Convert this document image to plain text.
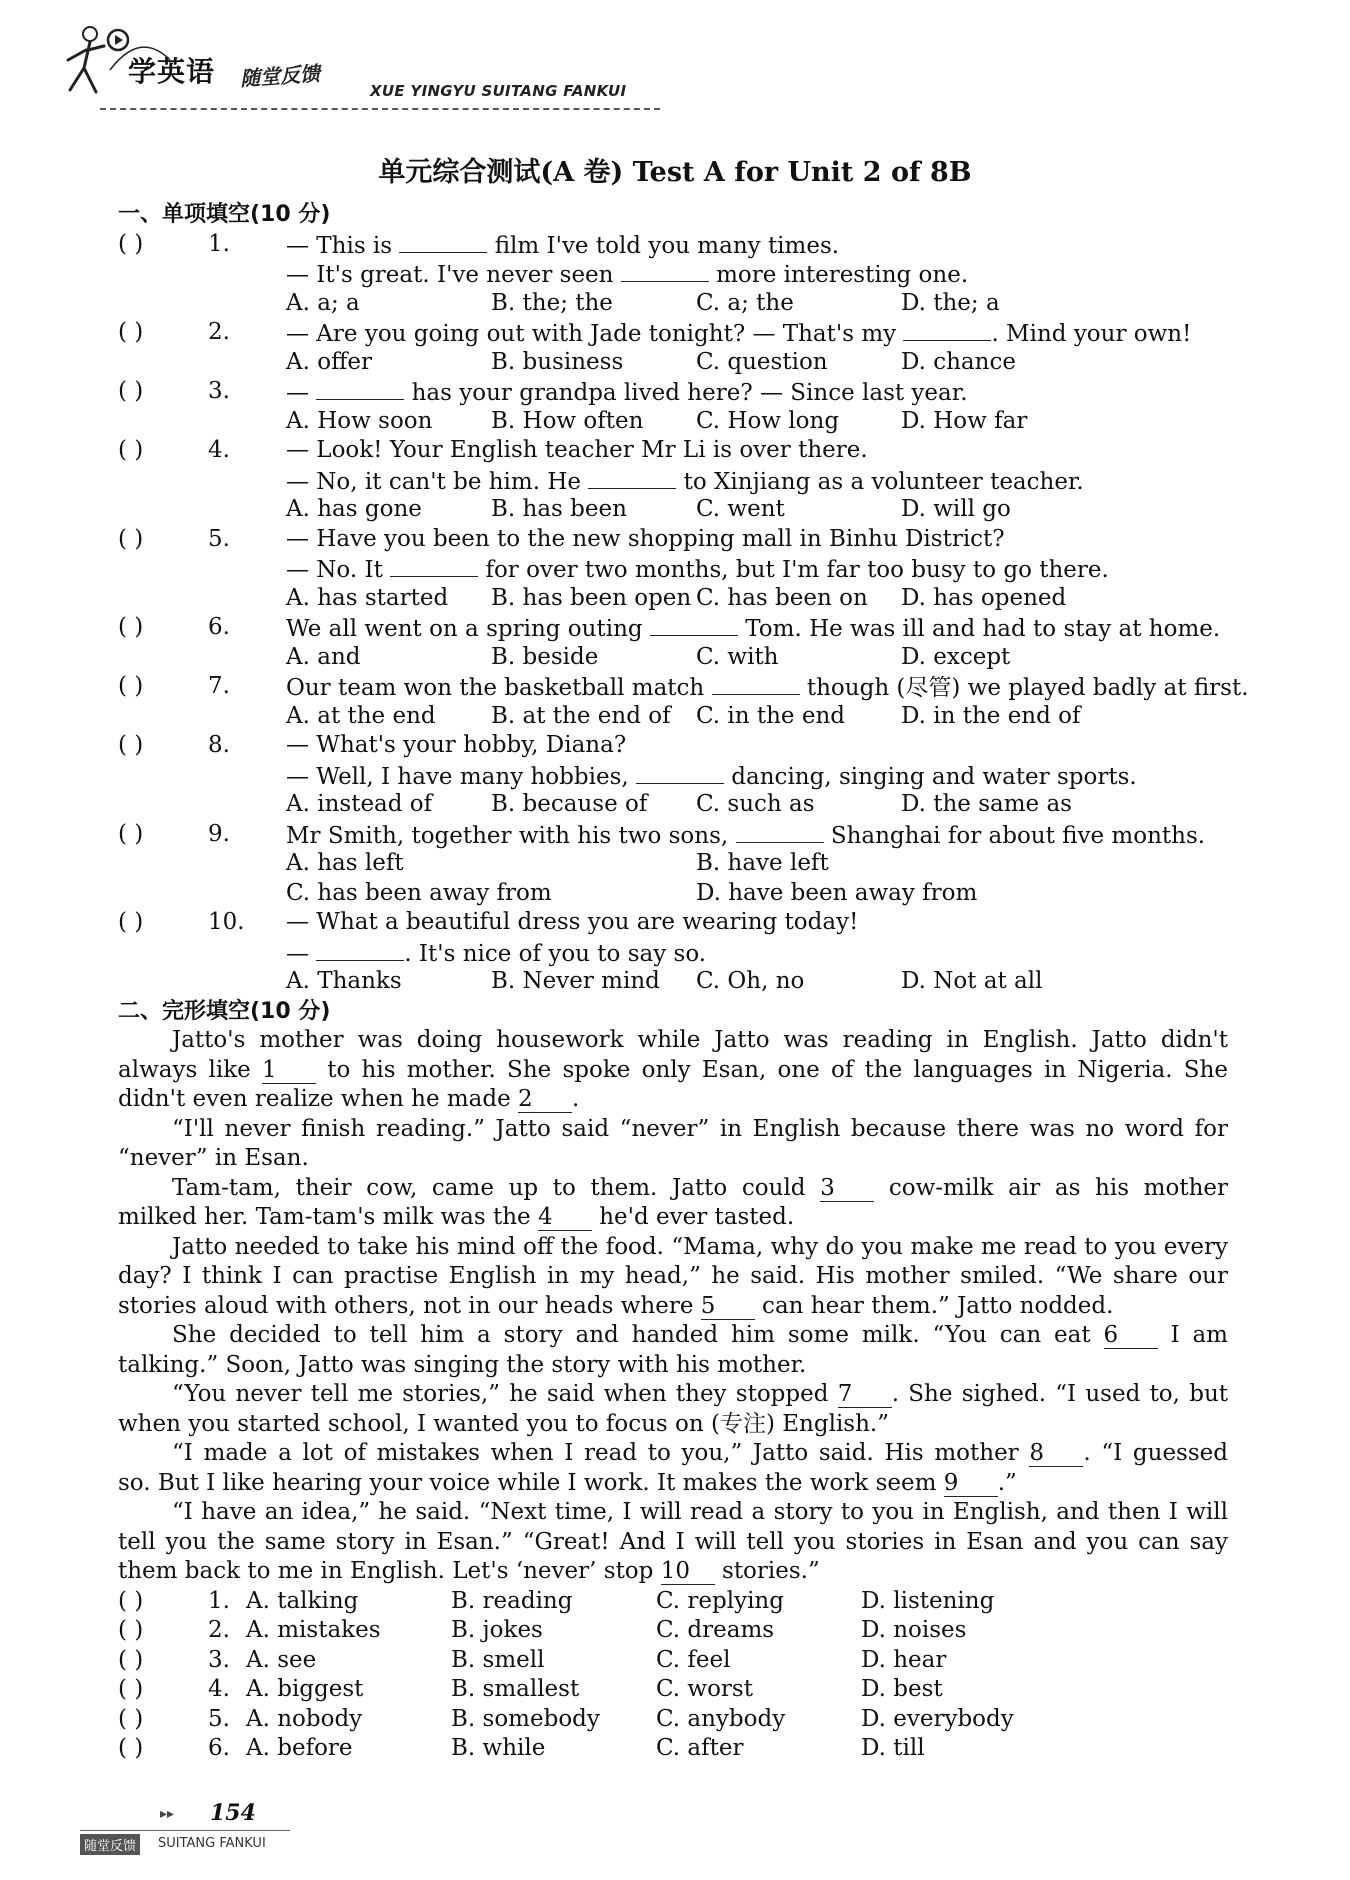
学英语 随堂反馈
XUE YINGYU SUITANG FANKUI
单元综合测试(A 卷) Test A for Unit 2 of 8B
一、单项填空(10 分)
( )	1. — This is	film I've told you many times.
— It's great. I've never seen	more interesting one.
A. a; a	B. the; the	C. a; the	D. the; a
( )	2. — Are you going out with Jade tonight? — That's my	. Mind your own!
A. offer	B. business	C. question	D. chance
( )	3. —	has your grandpa lived here? — Since last year.
A. How soon	B. How often C. How long	D. How far
( )	4. — Look! Your English teacher Mr Li is over there.
— No, it can't be him. He	to Xinjiang as a volunteer teacher.
A. has gone	B. has been	C. went	D. will go
( )	5. — Have you been to the new shopping mall in Binhu District?
— No. It	for over two months, but I'm far too busy to go there.
A. has started B. has been open C. has been on D. has opened
( )	6. We all went on a spring outing	Tom. He was ill and had to stay at home.
A. and	B. beside	C. with	D. except
( )	7. Our team won the basketball match	though (尽管) we played badly at first.
A. at the end B. at the end of C. in the end D. in the end of
( )	8. — What's your hobby, Diana?
— Well, I have many hobbies,	dancing, singing and water sports.
A. instead of	B. because of C. such as	D. the same as
( )	9. Mr Smith, together with his two sons,	Shanghai for about five months.
A. has left	B. have left
C. has been away from	D. have been away from
( )	10. — What a beautiful dress you are wearing today!
—	. It's nice of you to say so.
A. Thanks	B. Never mind C. Oh, no	D. Not at all
二、完形填空(10 分)
Jatto's mother was doing housework while Jatto was reading in English. Jatto didn't
always like 1 to his mother. She spoke only Esan, one of the languages in Nigeria. She
didn't even realize when he made 2 .
“I'll never finish reading.” Jatto said “never” in English because there was no word for
“never” in Esan.
Tam-tam, their cow, came up to them. Jatto could 3 cow-milk air as his mother
milked her. Tam-tam's milk was the 4 he'd ever tasted.
Jatto needed to take his mind off the food. “Mama, why do you make me read to you every
day? I think I can practise English in my head,” he said. His mother smiled. “We share our
stories aloud with others, not in our heads where 5 can hear them.” Jatto nodded.
She decided to tell him a story and handed him some milk. “You can eat 6 I am
talking.” Soon, Jatto was singing the story with his mother.
“You never tell me stories,” he said when they stopped 7 . She sighed. “I used to, but
when you started school, I wanted you to focus on (专注) English.”
“I made a lot of mistakes when I read to you,” Jatto said. His mother 8 . “I guessed
so. But I like hearing your voice while I work. It makes the work seem 9 .”
“I have an idea,” he said. “Next time, I will read a story to you in English, and then I will
tell you the same story in Esan.” “Great! And I will tell you stories in Esan and you can say
them back to me in English. Let's ‘never’ stop 10 stories.”
( )	1. A. talking	B. reading	C. replying	D. listening
( )	2. A. mistakes	B. jokes	C. dreams	D. noises
( )	3. A. see	B. smell	C. feel	D. hear
( )	4. A. biggest	B. smallest	C. worst	D. best
( )	5. A. nobody	B. somebody C. anybody	D. everybody
( )	6. A. before	B. while	C. after	D. till
▸▸ 154
随堂反馈	SUITANG FANKUI
